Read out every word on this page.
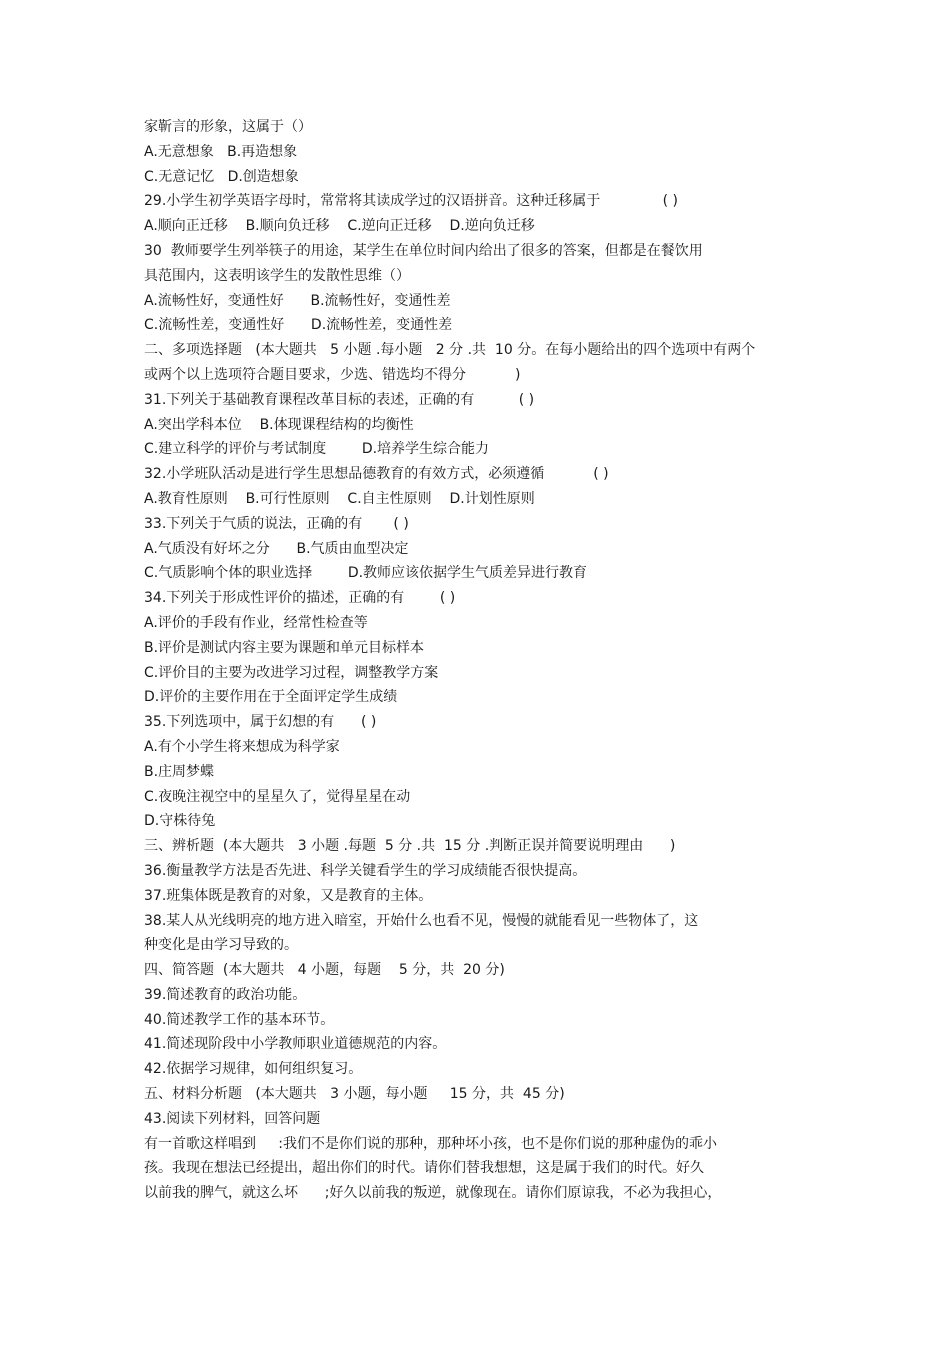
家靳言的形象，这属于（）
A.无意想象   B.再造想象
C.无意记忆   D.创造想象
29.小学生初学英语字母时，常常将其读成学过的汉语拼音。这种迁移属于              ( )
A.顺向正迁移    B.顺向负迁移    C.逆向正迁移    D.逆向负迁移
30  教师要学生列举筷子的用途，某学生在单位时间内给出了很多的答案，但都是在餐饮用
具范围内，这表明该学生的发散性思维（）
A.流畅性好，变通性好      B.流畅性好，变通性差
C.流畅性差，变通性好      D.流畅性差，变通性差
二、多项选择题   (本大题共   5 小题 .每小题   2 分 .共  10 分。在每小题给出的四个选项中有两个
或两个以上选项符合题目要求，少选、错选均不得分           )
31.下列关于基础教育课程改革目标的表述，正确的有          ( )
A.突出学科本位    B.体现课程结构的均衡性
C.建立科学的评价与考试制度        D.培养学生综合能力
32.小学班队活动是进行学生思想品德教育的有效方式，必须遵循           ( )
A.教育性原则    B.可行性原则    C.自主性原则    D.计划性原则
33.下列关于气质的说法，正确的有       ( )
A.气质没有好坏之分      B.气质由血型决定
C.气质影响个体的职业选择        D.教师应该依据学生气质差异进行教育
34.下列关于形成性评价的描述，正确的有        ( )
A.评价的手段有作业，经常性检查等
B.评价是测试内容主要为课题和单元目标样本
C.评价目的主要为改进学习过程，调整教学方案
D.评价的主要作用在于全面评定学生成绩
35.下列选项中，属于幻想的有      ( )
A.有个小学生将来想成为科学家
B.庄周梦蝶
C.夜晚注视空中的星星久了，觉得星星在动
D.守株待兔
三、辨析题  (本大题共   3 小题 .每题  5 分 .共  15 分 .判断正误并简要说明理由      )
36.衡量教学方法是否先进、科学关键看学生的学习成绩能否很快提高。
37.班集体既是教育的对象，又是教育的主体。
38.某人从光线明亮的地方进入暗室，开始什么也看不见，慢慢的就能看见一些物体了，这
种变化是由学习导致的。
四、简答题  (本大题共   4 小题，每题    5 分，共  20 分)
39.简述教育的政治功能。
40.简述教学工作的基本环节。
41.简述现阶段中小学教师职业道德规范的内容。
42.依据学习规律，如何组织复习。
五、材料分析题   (本大题共   3 小题，每小题     15 分，共  45 分)
43.阅读下列材料，回答问题
有一首歌这样唱到     :我们不是你们说的那种，那种坏小孩，也不是你们说的那种虚伪的乖小
孩。我现在想法已经提出，超出你们的时代。请你们替我想想，这是属于我们的时代。好久
以前我的脾气，就这么坏      ;好久以前我的叛逆，就像现在。请你们原谅我，不必为我担心，
